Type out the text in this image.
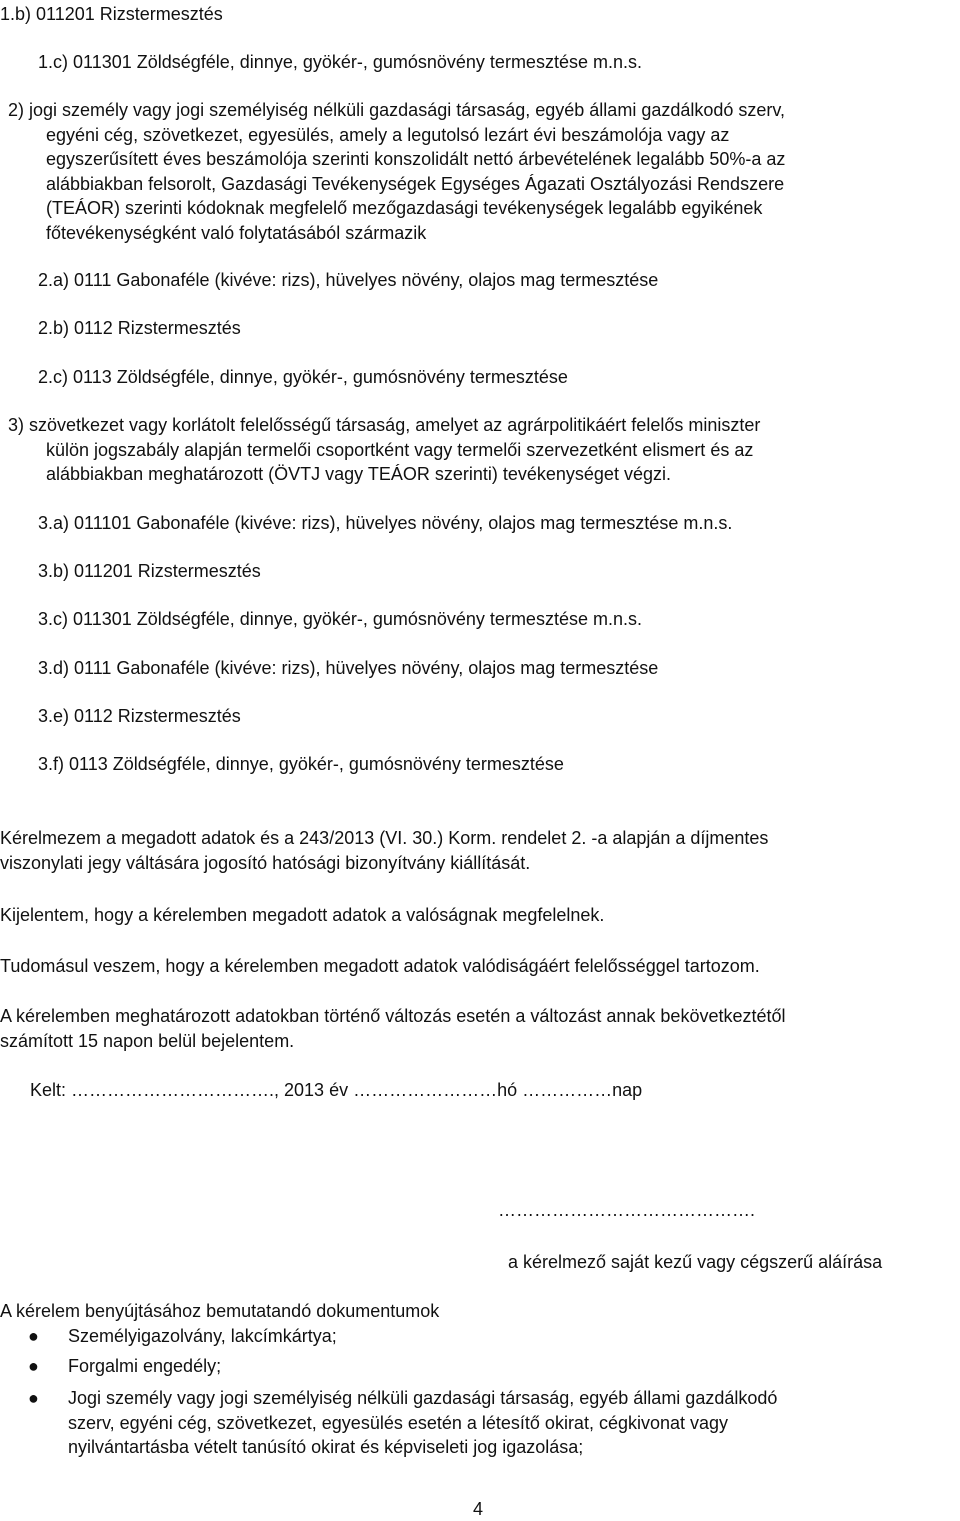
1.b) 011201 Rizstermesztés
1.c) 011301 Zöldségféle, dinnye, gyökér-, gumósnövény termesztése m.n.s.

2) jogi személy vagy jogi személyiség nélküli gazdasági társaság, egyéb állami gazdálkodó szerv,

egyéni cég, szövetkezet, egyesülés, amely a legutolsó lezárt évi beszámolója vagy az

egyszerűsített éves beszámolója szerinti konszolidált nettó árbevételének legalább 50%-a az

alábbiakban felsorolt, Gazdasági Tevékenységek Egységes Ágazati Osztályozási Rendszere

(TEÁOR) szerinti kódoknak megfelelő mezőgazdasági tevékenységek legalább egyikének

főtevékenységként való folytatásából származik

2.a) 0111 Gabonaféle (kivéve: rizs), hüvelyes növény, olajos mag termesztése
2.b) 0112 Rizstermesztés
2.c) 0113 Zöldségféle, dinnye, gyökér-, gumósnövény termesztése

3) szövetkezet vagy korlátolt felelősségű társaság, amelyet az agrárpolitikáért felelős miniszter

külön jogszabály alapján termelői csoportként vagy termelői szervezetként elismert és az

alábbiakban meghatározott (ÖVTJ vagy TEÁOR szerinti) tevékenységet végzi.

3.a) 011101 Gabonaféle (kivéve: rizs), hüvelyes növény, olajos mag termesztése m.n.s.
3.b) 011201 Rizstermesztés
3.c) 011301 Zöldségféle, dinnye, gyökér-, gumósnövény termesztése m.n.s.
3.d) 0111 Gabonaféle (kivéve: rizs), hüvelyes növény, olajos mag termesztése
3.e) 0112 Rizstermesztés
3.f) 0113 Zöldségféle, dinnye, gyökér-, gumósnövény termesztése

Kérelmezem a megadott adatok és a 243/2013 (VI. 30.) Korm. rendelet 2. -a alapján a díjmentes

viszonylati jegy váltására jogosító hatósági bizonyítvány kiállítását.

Kijelentem, hogy a kérelemben megadott adatok a valóságnak megfelelnek.
Tudomásul veszem, hogy a kérelemben megadott adatok valódiságáért felelősséggel tartozom.

A kérelemben meghatározott adatokban történő változás esetén a változást annak bekövetkeztétől

számított 15 napon belül bejelentem.

Kelt: ……………………………., 2013 év ……………………hó ……………nap
…………………………………….
a kérelmező saját kezű vagy cégszerű aláírása
A kérelem benyújtásához bemutatandó dokumentumok
● Személyigazolvány, lakcímkártya;

● Forgalmi engedély;

● Jogi személy vagy jogi személyiség nélküli gazdasági társaság, egyéb állami gazdálkodó

szerv, egyéni cég, szövetkezet, egyesülés esetén a létesítő okirat, cégkivonat vagy

nyilvántartásba vételt tanúsító okirat és képviseleti jog igazolása;

4
